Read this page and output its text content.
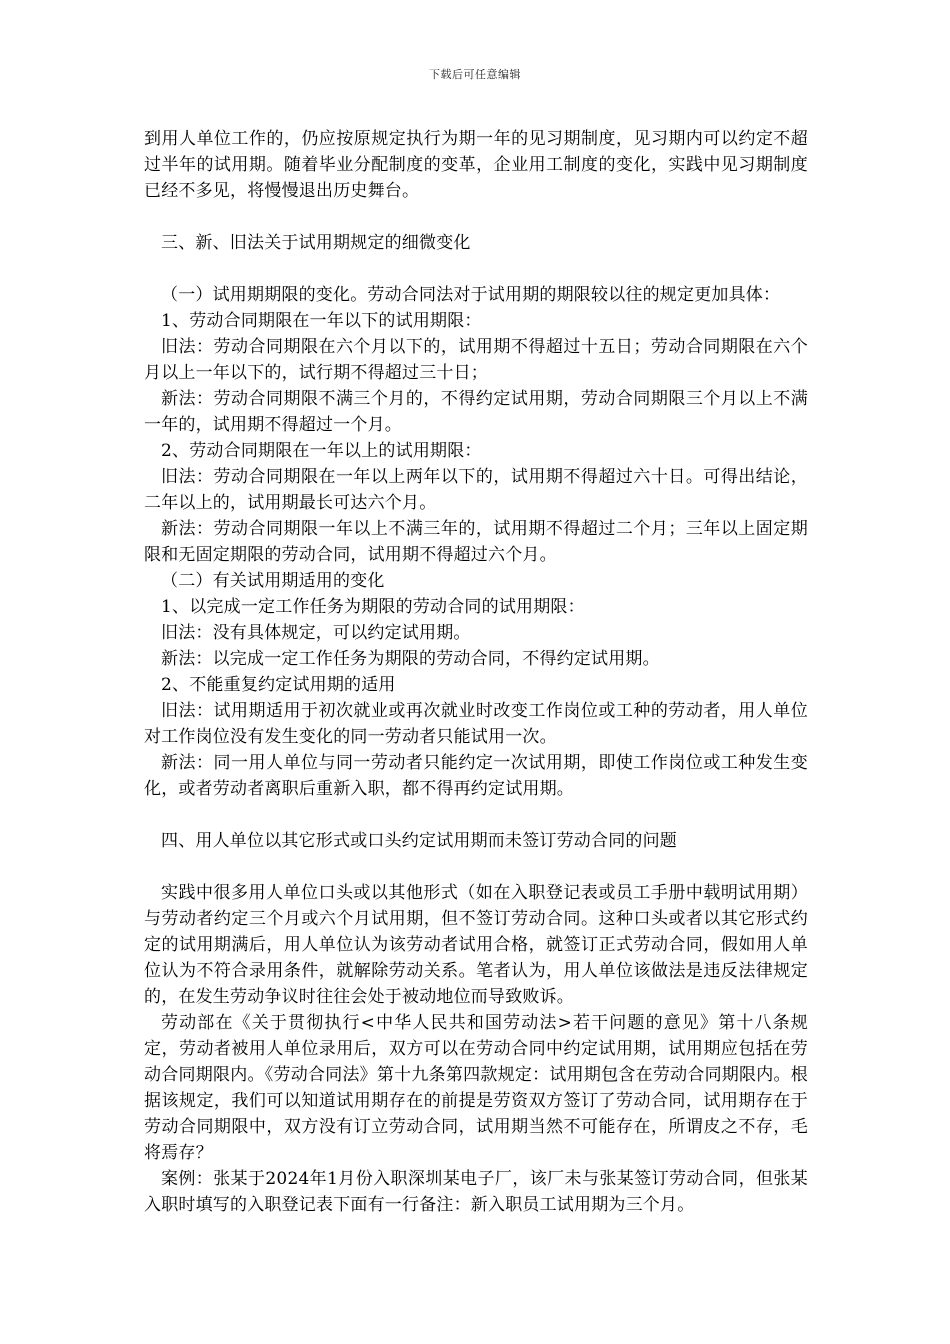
下载后可任意编辑

到用人单位工作的，仍应按原规定执行为期一年的见习期制度，见习期内可以约定不超过半年的试用期。随着毕业分配制度的变革，企业用工制度的变化，实践中见习期制度已经不多见，将慢慢退出历史舞台。

三、新、旧法关于试用期规定的细微变化

（一）试用期期限的变化。劳动合同法对于试用期的期限较以往的规定更加具体：

1、劳动合同期限在一年以下的试用期限：

旧法：劳动合同期限在六个月以下的，试用期不得超过十五日；劳动合同期限在六个月以上一年以下的，试行期不得超过三十日；

新法：劳动合同期限不满三个月的，不得约定试用期，劳动合同期限三个月以上不满一年的，试用期不得超过一个月。

2、劳动合同期限在一年以上的试用期限：

旧法：劳动合同期限在一年以上两年以下的，试用期不得超过六十日。可得出结论，二年以上的，试用期最长可达六个月。

新法：劳动合同期限一年以上不满三年的，试用期不得超过二个月；三年以上固定期限和无固定期限的劳动合同，试用期不得超过六个月。

（二）有关试用期适用的变化

1、以完成一定工作任务为期限的劳动合同的试用期限：

旧法：没有具体规定，可以约定试用期。

新法：以完成一定工作任务为期限的劳动合同，不得约定试用期。

2、不能重复约定试用期的适用

旧法：试用期适用于初次就业或再次就业时改变工作岗位或工种的劳动者，用人单位对工作岗位没有发生变化的同一劳动者只能试用一次。

新法：同一用人单位与同一劳动者只能约定一次试用期，即使工作岗位或工种发生变化，或者劳动者离职后重新入职，都不得再约定试用期。

四、用人单位以其它形式或口头约定试用期而未签订劳动合同的问题

实践中很多用人单位口头或以其他形式（如在入职登记表或员工手册中载明试用期）与劳动者约定三个月或六个月试用期，但不签订劳动合同。这种口头或者以其它形式约定的试用期满后，用人单位认为该劳动者试用合格，就签订正式劳动合同，假如用人单位认为不符合录用条件，就解除劳动关系。笔者认为，用人单位该做法是违反法律规定的，在发生劳动争议时往往会处于被动地位而导致败诉。

劳动部在《关于贯彻执行<中华人民共和国劳动法>若干问题的意见》第十八条规定，劳动者被用人单位录用后，双方可以在劳动合同中约定试用期，试用期应包括在劳动合同期限内。《劳动合同法》第十九条第四款规定：试用期包含在劳动合同期限内。根据该规定，我们可以知道试用期存在的前提是劳资双方签订了劳动合同，试用期存在于劳动合同期限中，双方没有订立劳动合同，试用期当然不可能存在，所谓皮之不存，毛将焉存？

案例：张某于2024年1月份入职深圳某电子厂，该厂未与张某签订劳动合同，但张某入职时填写的入职登记表下面有一行备注：新入职员工试用期为三个月。
